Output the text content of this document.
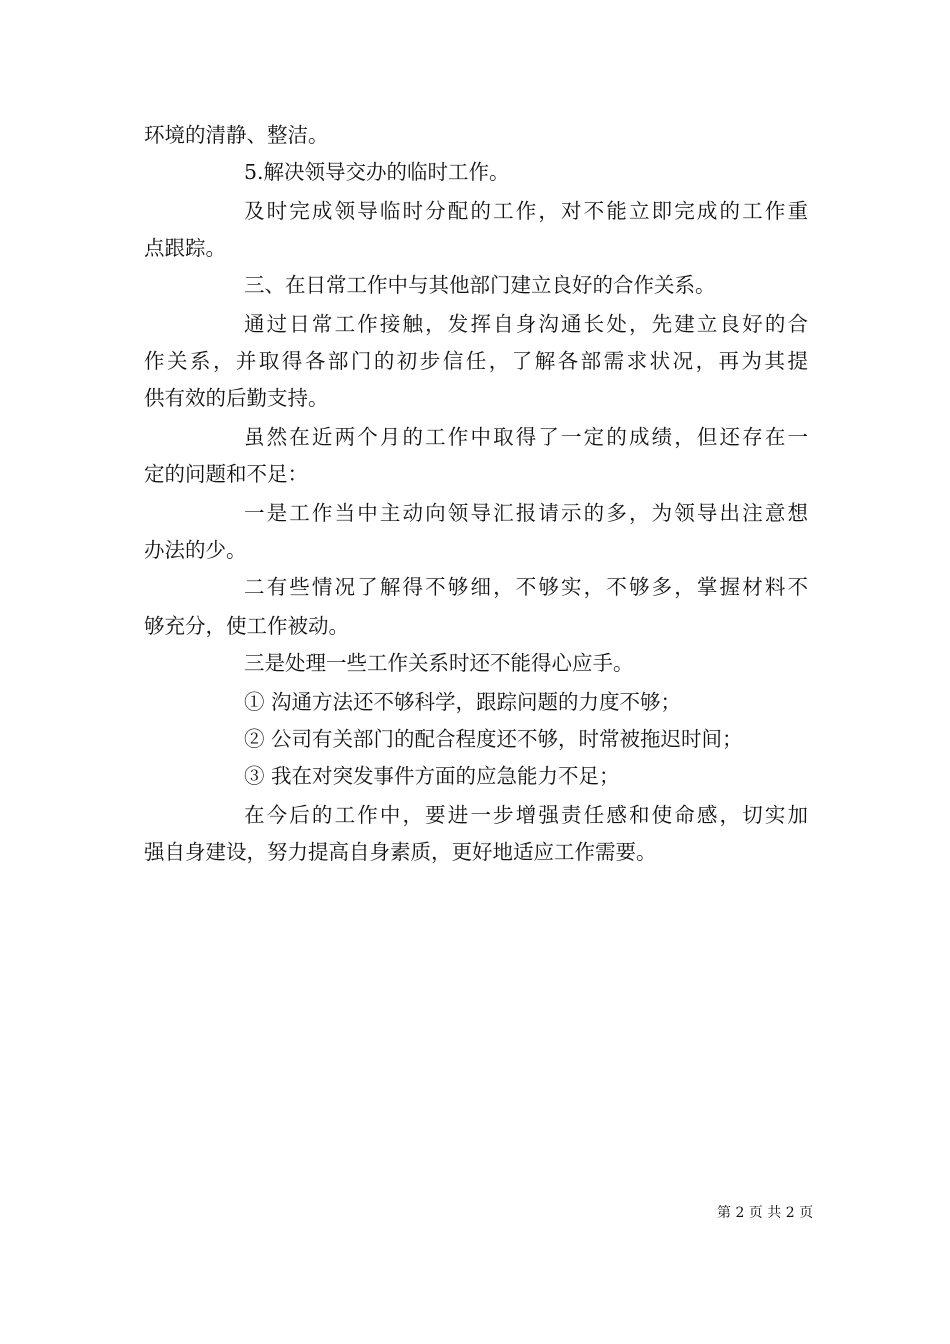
环境的清静、整洁。
5.解决领导交办的临时工作。
及时完成领导临时分配的工作，对不能立即完成的工作重
点跟踪。
三、在日常工作中与其他部门建立良好的合作关系。
通过日常工作接触，发挥自身沟通长处，先建立良好的合
作关系，并取得各部门的初步信任，了解各部需求状况，再为其提
供有效的后勤支持。
虽然在近两个月的工作中取得了一定的成绩，但还存在一
定的问题和不足：
一是工作当中主动向领导汇报请示的多，为领导出注意想
办法的少。
二有些情况了解得不够细，不够实，不够多，掌握材料不
够充分，使工作被动。
三是处理一些工作关系时还不能得心应手。
① 沟通方法还不够科学，跟踪问题的力度不够；
② 公司有关部门的配合程度还不够，时常被拖迟时间；
③ 我在对突发事件方面的应急能力不足；
在今后的工作中，要进一步增强责任感和使命感，切实加
强自身建设，努力提高自身素质，更好地适应工作需要。
第 2 页 共 2 页
